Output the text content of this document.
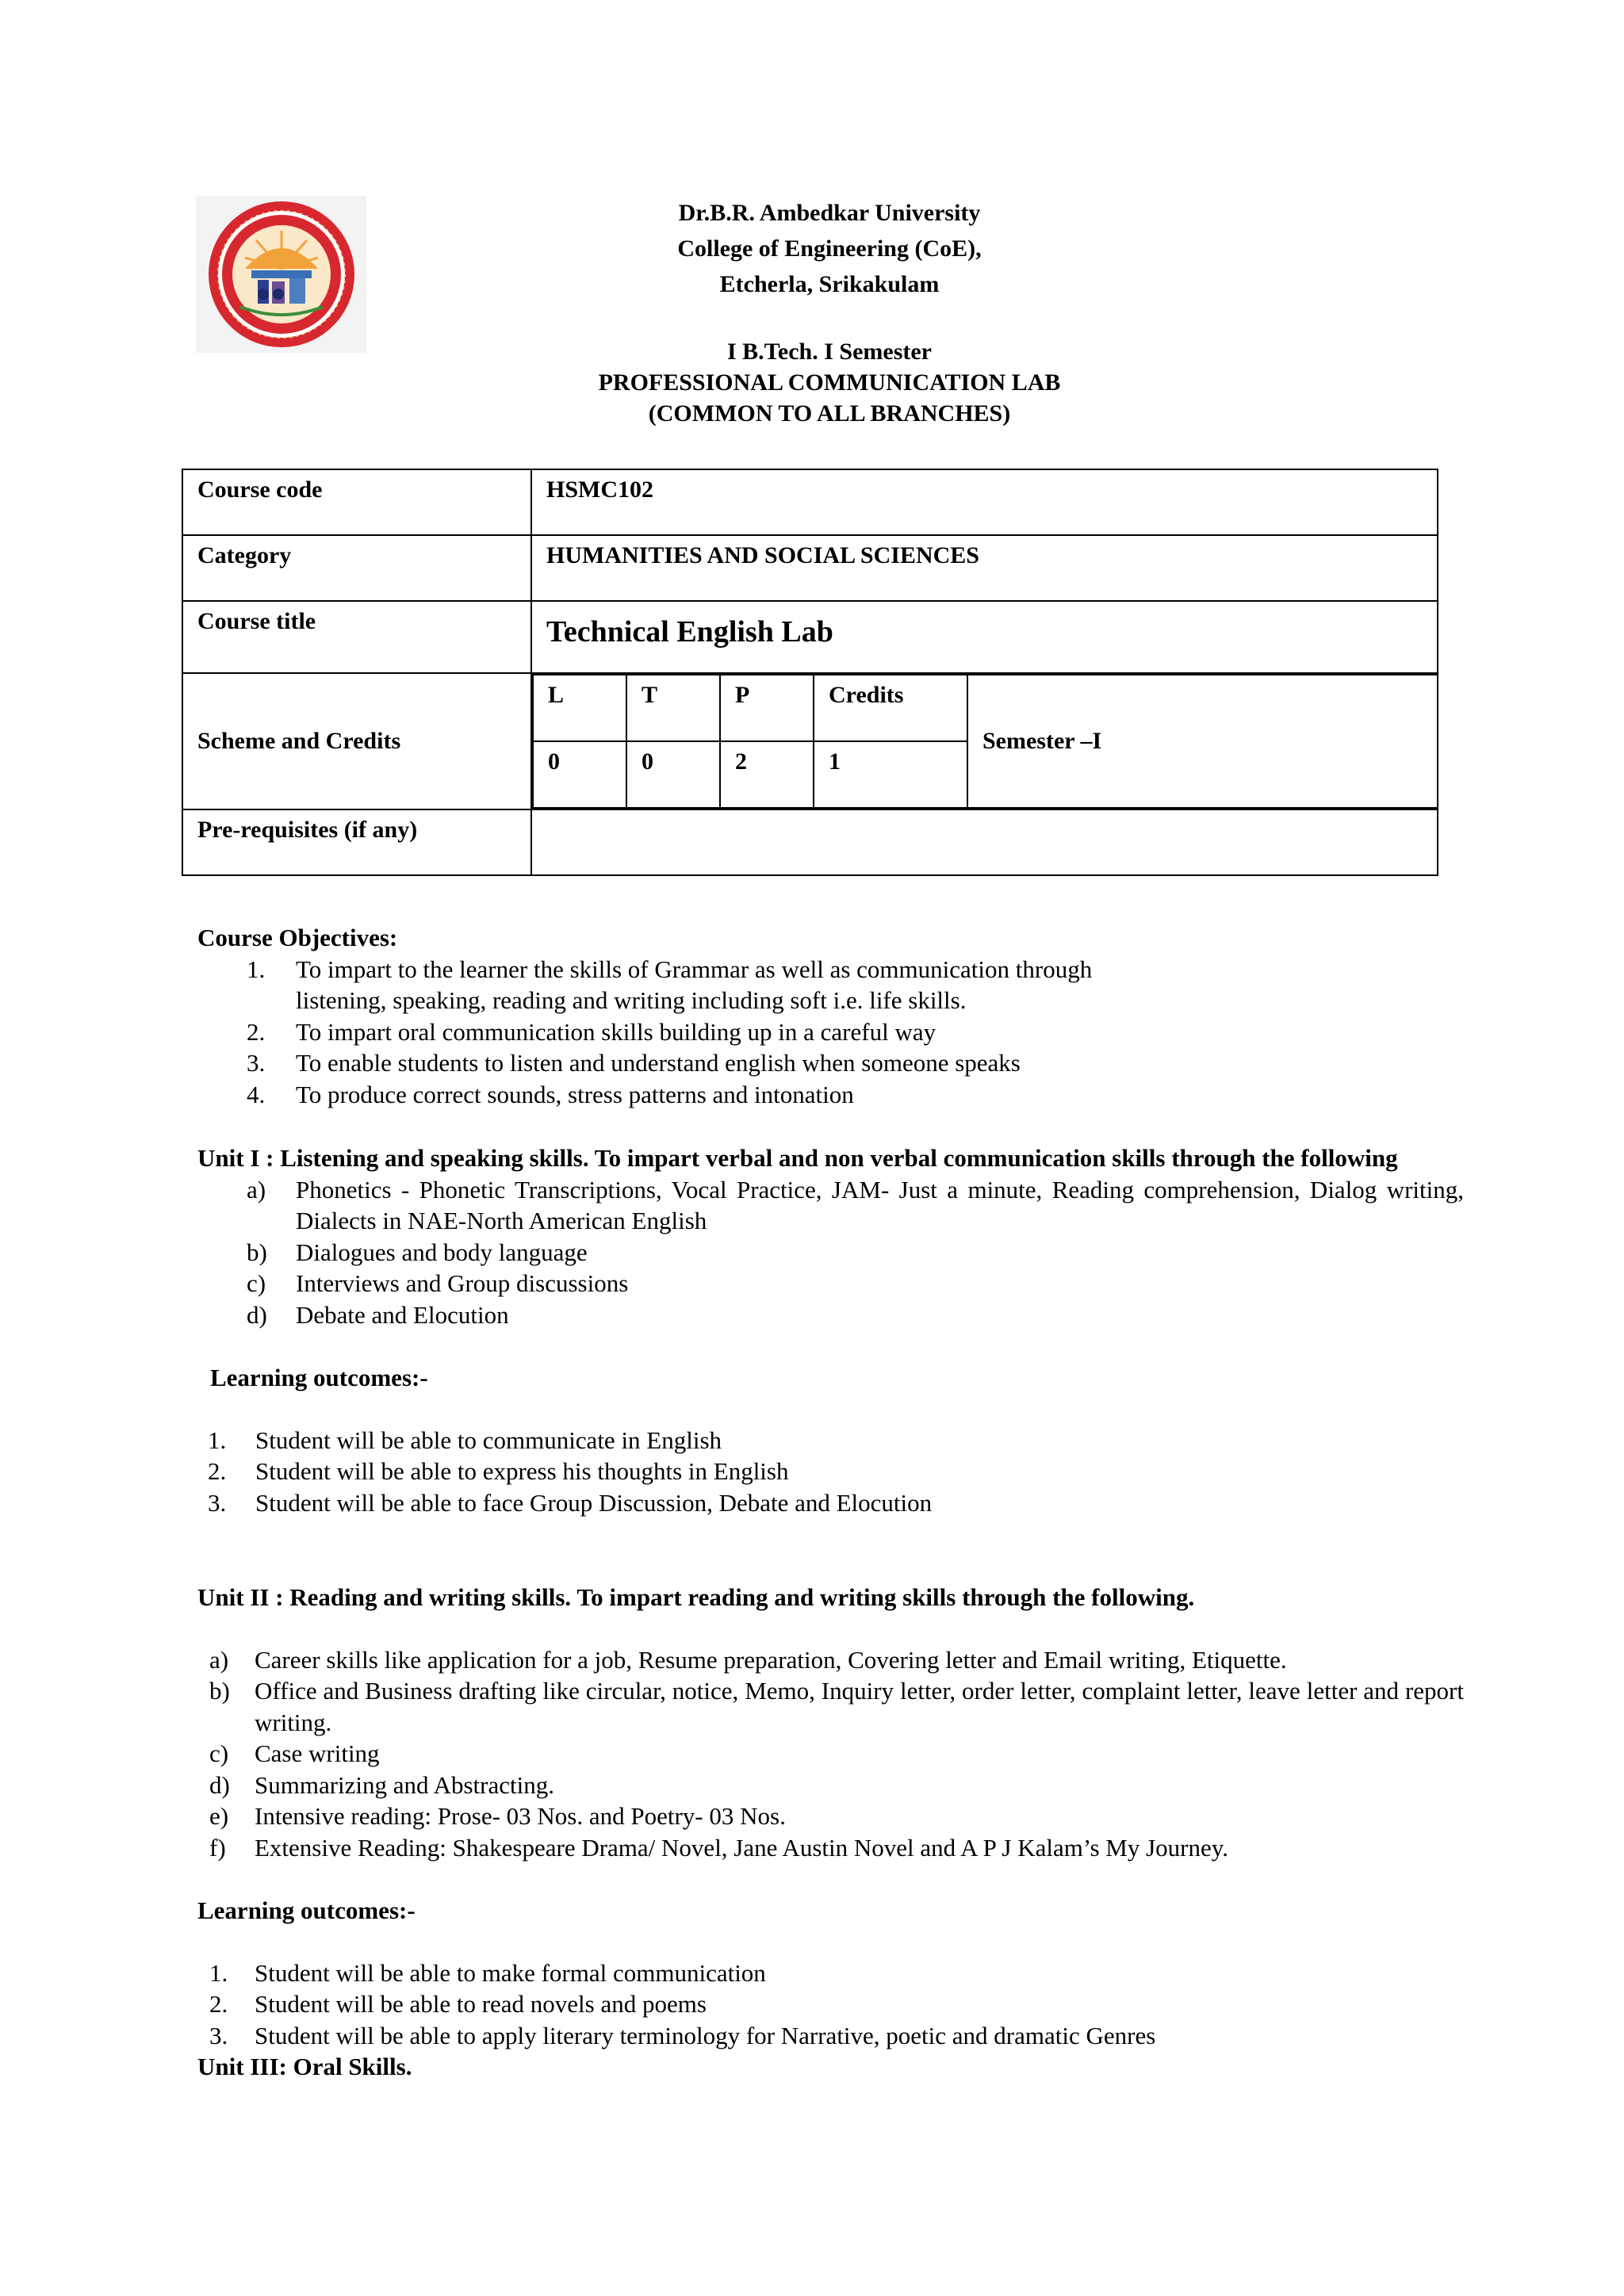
Dr.B.R. Ambedkar University
College of Engineering (CoE),
Etcherla, Srikakulam
I B.Tech. I Semester
PROFESSIONAL COMMUNICATION LAB
(COMMON TO ALL BRANCHES)
Course code	HSMC102
Category	HUMANITIES AND SOCIAL SCIENCES
Course title	Technical English Lab
Scheme and Credits	
L	T	P	Credits	Semester –I
0	0	2	1

Pre-requisites (if any)	
Course Objectives:
1. To impart to the learner the skills of Grammar as well as communication through
listening, speaking, reading and writing including soft i.e. life skills.
2. To impart oral communication skills building up in a careful way
3. To enable students to listen and understand english when someone speaks
4. To produce correct sounds, stress patterns and intonation
Unit I : Listening and speaking skills. To impart verbal and non verbal communication skills through the following
a) Phonetics - Phonetic Transcriptions, Vocal Practice, JAM- Just a minute, Reading comprehension, Dialog writing, Dialects in NAE-North American English
b) Dialogues and body language
c) Interviews and Group discussions
d) Debate and Elocution
Learning outcomes:-
1. Student will be able to communicate in English
2. Student will be able to express his thoughts in English
3. Student will be able to face Group Discussion, Debate and Elocution
Unit II : Reading and writing skills. To impart reading and writing skills through the following.
a) Career skills like application for a job, Resume preparation, Covering letter and Email writing, Etiquette.
b) Office and Business drafting like circular, notice, Memo, Inquiry letter, order letter, complaint letter, leave letter and report writing.
c) Case writing
d) Summarizing and Abstracting.
e) Intensive reading: Prose- 03 Nos. and Poetry- 03 Nos.
f) Extensive Reading: Shakespeare Drama/ Novel, Jane Austin Novel and A P J Kalam’s My Journey.
Learning outcomes:-
1. Student will be able to make formal communication
2. Student will be able to read novels and poems
3. Student will be able to apply literary terminology for Narrative, poetic and dramatic Genres
Unit III: Oral Skills.
